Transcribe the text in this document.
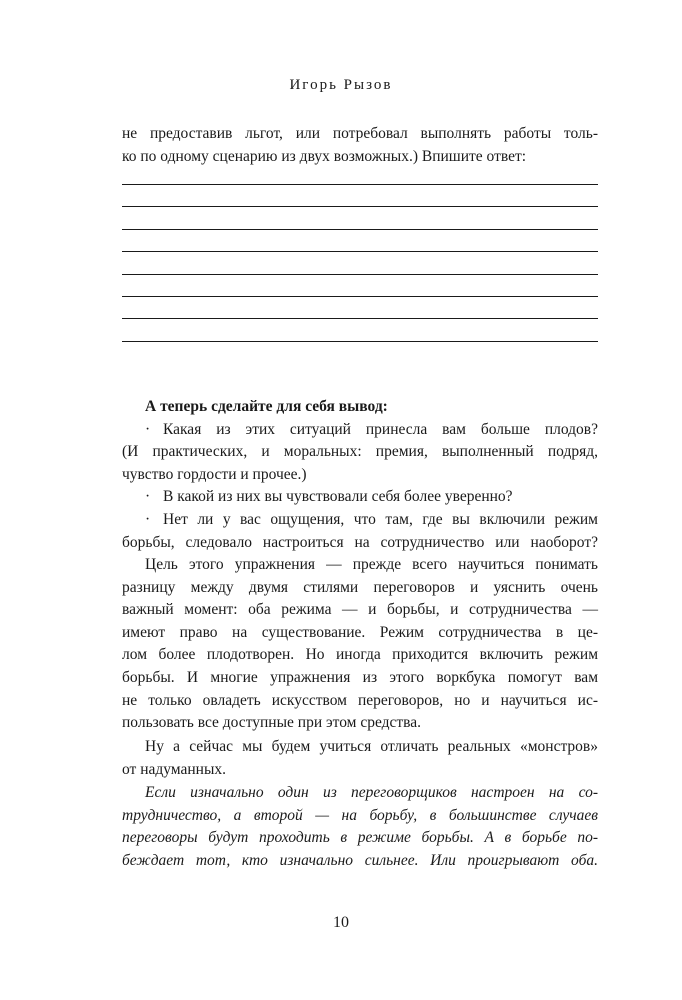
Игорь Рызов
не предоставив льгот, или потребовал выполнять работы толь-
ко по одному сценарию из двух возможных.) Впишите ответ:
А теперь сделайте для себя вывод:
· Какая из этих ситуаций принесла вам больше плодов?
(И практических, и моральных: премия, выполненный подряд,
чувство гордости и прочее.)
· В какой из них вы чувствовали себя более уверенно?
· Нет ли у вас ощущения, что там, где вы включили режим
борьбы, следовало настроиться на сотрудничество или наоборот?
Цель этого упражнения — прежде всего научиться понимать
разницу между двумя стилями переговоров и уяснить очень
важный момент: оба режима — и борьбы, и сотрудничества —
имеют право на существование. Режим сотрудничества в це-
лом более плодотворен. Но иногда приходится включить режим
борьбы. И многие упражнения из этого воркбука помогут вам
не только овладеть искусством переговоров, но и научиться ис-
пользовать все доступные при этом средства.
Ну а сейчас мы будем учиться отличать реальных «монстров»
от надуманных.
Если изначально один из переговорщиков настроен на со-
трудничество, а второй — на борьбу, в большинстве случаев
переговоры будут проходить в режиме борьбы. А в борьбе по-
беждает тот, кто изначально сильнее. Или проигрывают оба.
10
